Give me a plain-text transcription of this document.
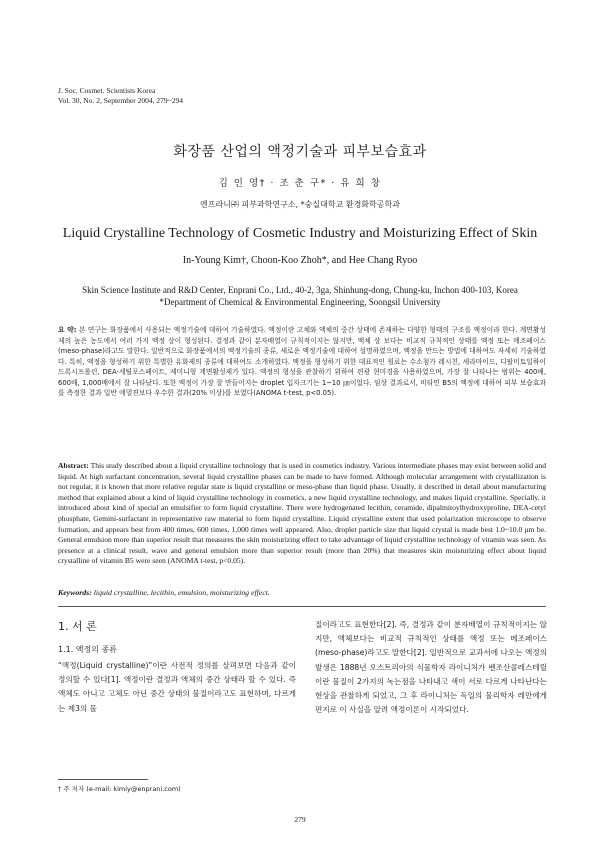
J. Soc. Cosmet. Scientists Korea
Vol. 30, No. 2, September 2004, 279~294
화장품 산업의 액정기술과 피부보습효과
김 인 영† · 조 춘 구* · 유 희 창
엔프라니㈜ 피부과학연구소, *숭실대학교 환경화학공학과
Liquid Crystalline Technology of Cosmetic Industry and Moisturizing Effect of Skin
In-Young Kim†, Choon-Koo Zhoh*, and Hee Chang Ryoo
Skin Science Institute and R&D Center, Enprani Co., Ltd., 40-2, 3ga, Shinhung-dong, Chung-ku, Inchon 400-103, Korea
*Department of Chemical & Environmental Engineering, Soongsil University
요 약: 본 연구는 화장품에서 사용되는 액정기술에 대하여 기술하였다. 액정이란 고체와 액체의 중간 상태에 존재하는 다양한 형태의 구조를 액정이라 한다. 계면활성제의 높은 농도에서 여러 가지 액정 상이 형성된다. 결정과 같이 분자배열이 규칙적이지는 않지만, 액체 상 보다는 비교적 규칙적인 상태를 액정 또는 메조페이스(meso-phase)라고도 말한다. 일반적으로 화장품에서의 액정기술의 종류, 새로운 액정기술에 대하여 설명하였으며, 액정을 만드는 방법에 대하여도 자세히 기술하였다. 특히, 액정을 형성하기 위한 특별한 유화제의 종류에 대하여도 소개하였다. 액정을 형성하기 위한 대표적인 원료는 수소첨가 레시친, 세라마이드, 디팔미토일하이드록시프롤린, DEA-세틸포스페이트, 제미니형 계면활성제가 있다. 액정의 형성을 관찰하기 위하여 편광 현미경을 사용하였으며, 가장 잘 나타나는 범위는 400배, 600배, 1,000배에서 잘 나타났다. 또한 액정이 가장 잘 만들어지는 droplet 입자크기는 1~10 ㎛이었다. 임상 결과로서, 비타민 B5의 액정에 대하여 피부 보습효과를 측정한 결과 일반 에멀젼보다 우수한 결과(20% 이상)를 보였다(ANOMA t-test, p<0.05).
Abstract: This study described about a liquid crystalline technology that is used in cosmetics industry. Various intermediate phases may exist between solid and liquid. At high surfactant concentration, several liquid crystalline phases can be made to have formed. Although molecular arrangement with crystallization is not regular, it is known that more relative regular state is liquid crystalline or meso-phase than liquid phase. Usually, it described in detail about manufacturing method that explained about a kind of liquid crystalline technology in cosmetics, a new liquid crystalline technology, and makes liquid crystalline. Specially, it introduced about kind of special an emulsifier to form liquid crystalline. There were hydrogenated lecithin, ceramide, dipalmitoylhydroxyproline, DEA-cetyl phosphate, Gemini-surfactant in representative raw material to form liquid crystalline. Liquid crystalline extent that used polarization microscope to observe formation, and appears best from 400 times, 600 times, 1,000 times well appeared. Also, droplet particle size that liquid crystal is made best 1.0~10.0 μm be. General emulsion more than superior result that measures the skin moisturizing effect to take advantage of liquid crystalline technology of vitamin was seen. As presence at a clinical result, wave and general emulsion more than superior result (more than 20%) that measures skin moisturizing effect about liquid crystalline of vitamin B5 were seen (ANOMA t-test, p<0.05).
Keywords: liquid crystalline, lecithin, emulsion, moisturizing effect.
1. 서 론
1.1. 액정의 종류

“액정(Liquid crystalline)”이란 사전적 정의를 살펴보면 다음과 같이 정의할 수 있다[1]. 액정이란 결정과 액체의 중간 상태라 할 수 있다. 즉 액체도 아니고 고체도 아닌 중간 상태의 물질이라고도 표현하며, 다르게는 제3의 물

질이라고도 표현한다[2]. 즉, 결정과 같이 분자배열이 규칙적이지는 않지만, 액체보다는 비교적 규칙적인 상태를 액정 또는 메조페이스(meso-phase)라고도 말한다[2]. 일반적으로 교과서에 나오는 액정의 발생은 1888년 오스트리아의 식물학자 라이니처가 벤조산콜레스테릴이란 물질이 2가지의 녹는점을 나타내고 색이 서로 다르게 나타난다는 현상을 관찰하게 되었고, 그 후 라이니처는 독일의 물리학자 레만에게 편지로 이 사실을 알려 액정이론이 시작되었다.

† 주 저자 (e-mail: kimiy@enprani.com)
279
